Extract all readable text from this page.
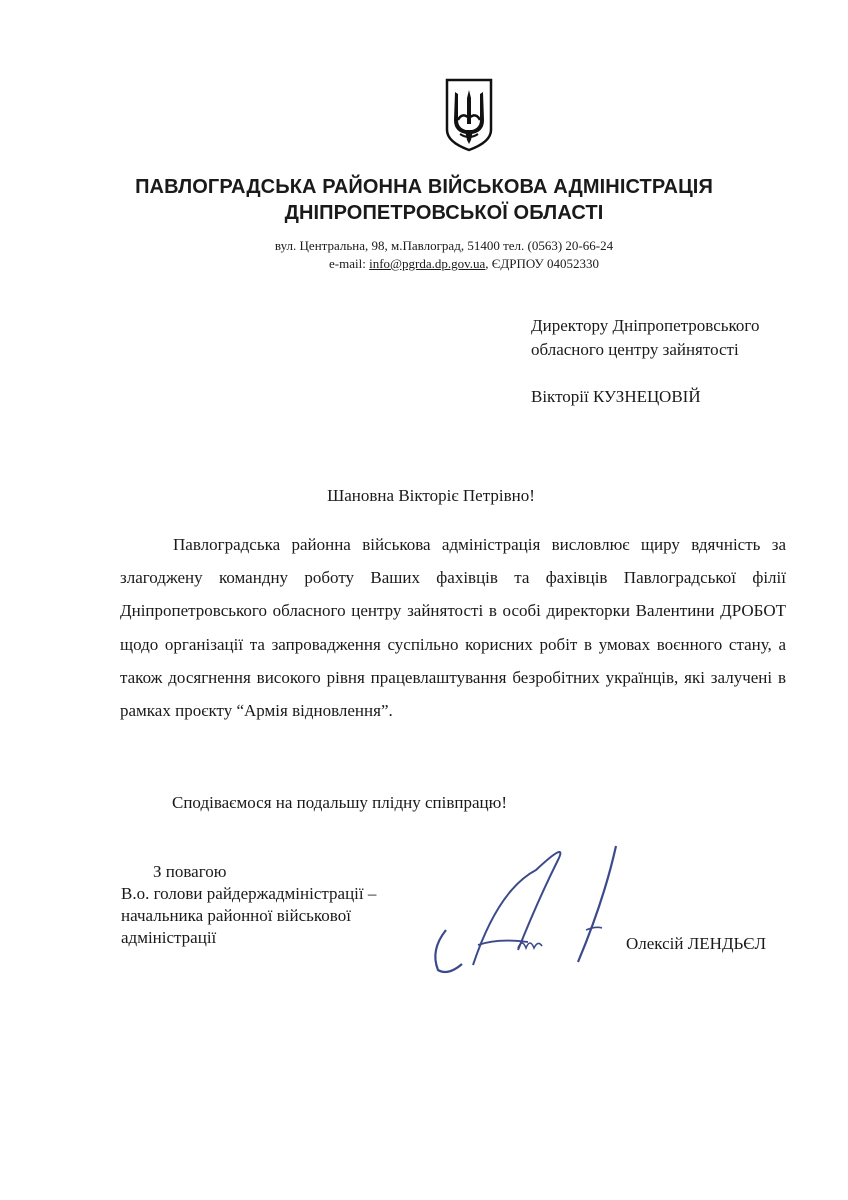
ПАВЛОГРАДСЬКА РАЙОННА ВІЙСЬКОВА АДМІНІСТРАЦІЯ
ДНІПРОПЕТРОВСЬКОЇ ОБЛАСТІ
вул. Центральна, 98, м.Павлоград, 51400 тел. (0563) 20-66-24
e-mail: info@pgrda.dp.gov.ua, ЄДРПОУ 04052330
Директору Дніпропетровського
обласного центру зайнятості
Вікторії КУЗНЕЦОВІЙ
Шановна Вікторіє Петрівно!

Павлоградська районна військова адміністрація висловлює щиру вдячність за злагоджену командну роботу Ваших фахівців та фахівців Павлоградської філії Дніпропетровського обласного центру зайнятості в особі директорки Валентини ДРОБОТ щодо організації та запровадження суспільно корисних робіт в умовах воєнного стану, а також досягнення високого рівня працевлаштування безробітних українців, які залучені в рамках проєкту “Армія відновлення”.

Сподіваємося на подальшу плідну співпрацю!
З повагою
В.о. голови райдержадміністрації –
начальника районної військової
адміністрації	Олексій ЛЕНДЬЄЛ
